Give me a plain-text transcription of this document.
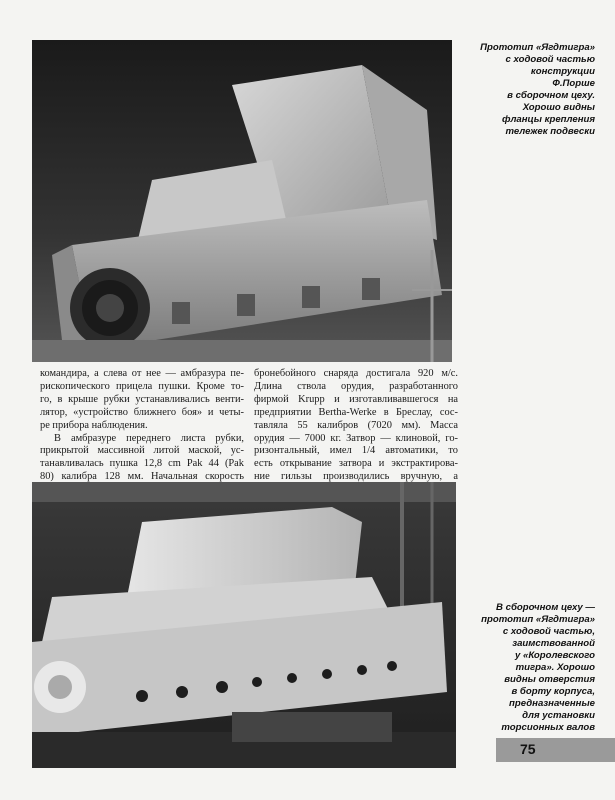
Прототип «Ягдтигра»
с ходовой частью
конструкции
Ф.Порше
в сборочном цеху.
Хорошо видны
фланцы крепления
тележек подвески
командира, а слева от нее — амбразура пе-
рископического прицела пушки. Кроме то-
го, в крыше рубки устанавливались венти-
лятор, «устройство ближнего боя» и четы-
ре прибора наблюдения.
В амбразуре переднего листа рубки,
прикрытой массивной литой маской, ус-
танавливалась пушка 12,8 cm Pak 44 (Pak
80) калибра 128 мм. Начальная скорость
бронебойного снаряда достигала 920 м/с.
Длина ствола орудия, разработанного
фирмой Krupp и изготавливавшегося на
предприятии Bertha-Werke в Бреслау, сос-
тавляла 55 калибров (7020 мм). Масса
орудия — 7000 кг. Затвор — клиновой, го-
ризонтальный, имел 1/4 автоматики, то
есть открывание затвора и экстрактирова-
ние гильзы производились вручную, а
В сборочном цеху —
прототип «Ягдтигра»
с ходовой частью,
заимствованной
у «Королевского
тигра». Хорошо
видны отверстия
в борту корпуса,
предназначенные
для установки
торсионных валов
75
